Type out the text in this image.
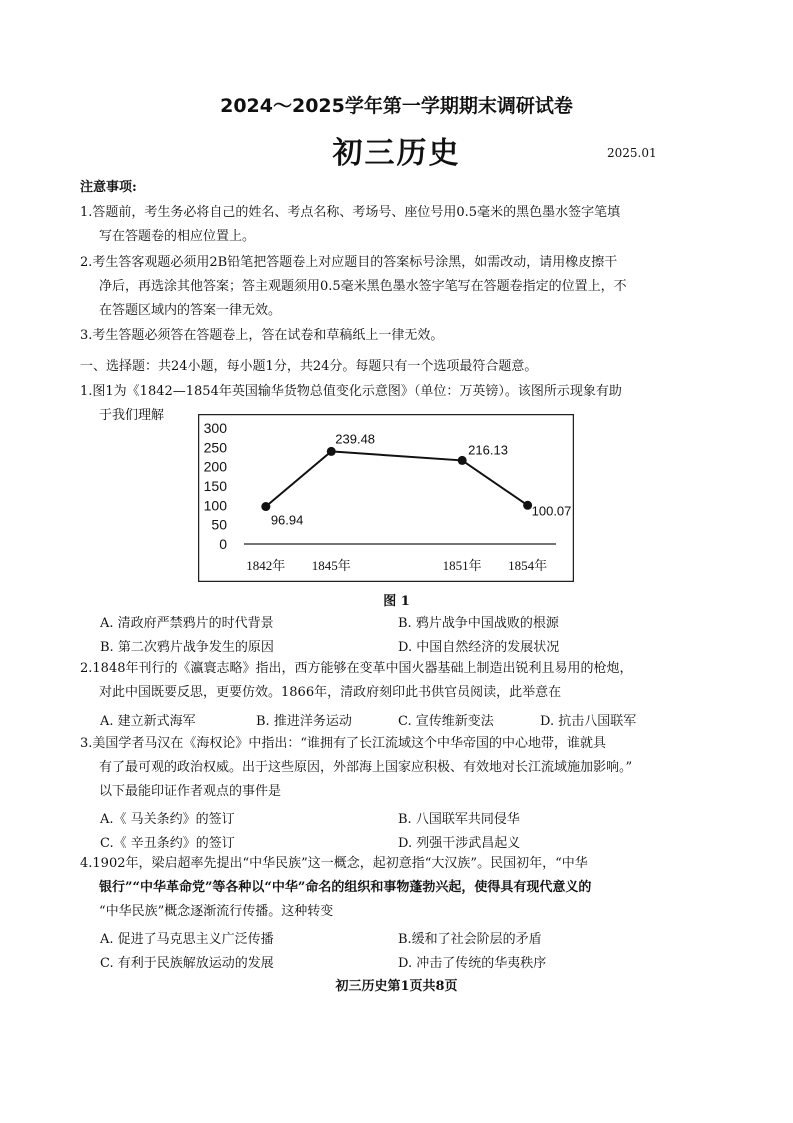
2024～2025学年第一学期期末调研试卷
初三历史	2025.01
注意事项:
1.答题前，考生务必将自己的姓名、考点名称、考场号、座位号用0.5毫米的黑色墨水签字笔填
写在答题卷的相应位置上。
2.考生答客观题必须用2B铅笔把答题卷上对应题目的答案标号涂黑，如需改动，请用橡皮擦干
净后，再选涂其他答案；答主观题须用0.5毫米黑色墨水签字笔写在答题卷指定的位置上，不
在答题区域内的答案一律无效。
3.考生答题必须答在答题卷上，答在试卷和草稿纸上一律无效。
一、选择题：共24小题，每小题1分，共24分。每题只有一个选项最符合题意。
1.图1为《1842—1854年英国输华货物总值变化示意图》（单位：万英镑）。该图所示现象有助
于我们理解
300
250
200
150
100
50
0
1842年 1845年	1851年 1854年
96.94
239.48
216.13
100.07
图 1
A. 清政府严禁鸦片的时代背景	B. 鸦片战争中国战败的根源
B. 第二次鸦片战争发生的原因	D. 中国自然经济的发展状况
2.1848年刊行的《瀛寰志略》指出，西方能够在变革中国火器基础上制造出锐利且易用的枪炮，
对此中国既要反思，更要仿效。1866年，清政府刻印此书供官员阅读，此举意在
A. 建立新式海军	B. 推进洋务运动	C. 宣传维新变法	D. 抗击八国联军
3.美国学者马汉在《海权论》中指出：“谁拥有了长江流域这个中华帝国的中心地带，谁就具
有了最可观的政治权威。出于这些原因，外部海上国家应积极、有效地对长江流域施加影响。”
以下最能印证作者观点的事件是
A.《 马关条约》的签订	B. 八国联军共同侵华
C.《 辛丑条约》的签订	D. 列强干涉武昌起义
4.1902年，梁启超率先提出“中华民族”这一概念，起初意指“大汉族”。民国初年，“中华
银行”“中华革命党”等各种以“中华”命名的组织和事物蓬勃兴起，使得具有现代意义的
“中华民族”概念逐渐流行传播。这种转变
A. 促进了马克思主义广泛传播	B.缓和了社会阶层的矛盾
C. 有利于民族解放运动的发展	D. 冲击了传统的华夷秩序
初三历史第1页共8页
